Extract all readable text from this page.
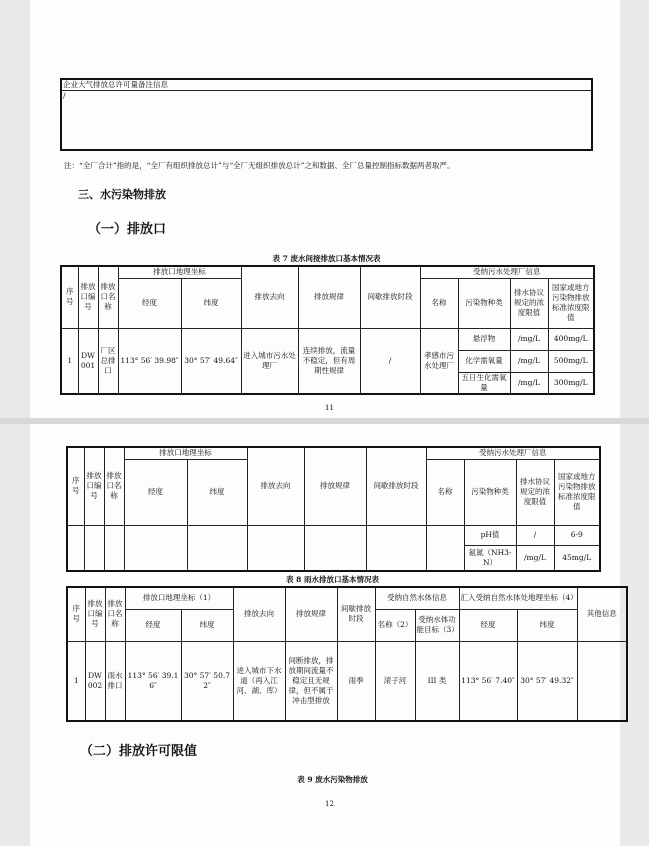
企业大气排放总许可量备注信息
/
注：“全厂合计”指的是，“全厂有组织排放总计”与“全厂无组织排放总计”之和数据、全厂总量控制指标数据两者取严。
三、水污染物排放
（一）排放口
表 7 废水间接排放口基本情况表
序号	排放口编号	排放口名称	排放口地理坐标		排放去向	排放规律	间歇排放时段	受纳污水处理厂信息			
			经度	纬度				名称	污染物种类	排水协议规定的浓度限值	国家或地方污染物排放标准浓度限值
1	DW001	厂区总排口	113° 56′ 39.98″	30° 57′ 49.64″	进入城市污水处理厂	连续排放，流量不稳定，但有周期性规律	/	孝感市污水处理厂	悬浮物	/mg/L	400mg/L
									化学需氧量	/mg/L	500mg/L
									五日生化需氧量	/mg/L	300mg/L
11
序号	排放口编号	排放口名称	排放口地理坐标		排放去向	排放规律	间歇排放时段	受纳污水处理厂信息			
			经度	纬度				名称	污染物种类	排水协议规定的浓度限值	国家或地方污染物排放标准浓度限值

									pH值	/	6-9
									氨氮（NH3-N）	/mg/L	45mg/L
表 8 雨水排放口基本情况表
序号	排放口编号	排放口名称	排放口地理坐标（1）		排放去向	排放规律	间歇排放时段	受纳自然水体信息		汇入受纳自然水体处地理坐标（4）		其他信息
			经度	纬度				名称（2）	受纳水体功能目标（3）	经度	纬度	
1	DW002	雨水排口	113° 56′ 39.16″	30° 57′ 50.72″	进入城市下水道（再入江河、湖、库）	间断排放，排放期间流量不稳定且无规律，但不属于冲击型排放	雨季	滚子河	III 类	113° 56′ 7.40″	30° 57′ 49.32″	
（二）排放许可限值
表 9 废水污染物排放
12
